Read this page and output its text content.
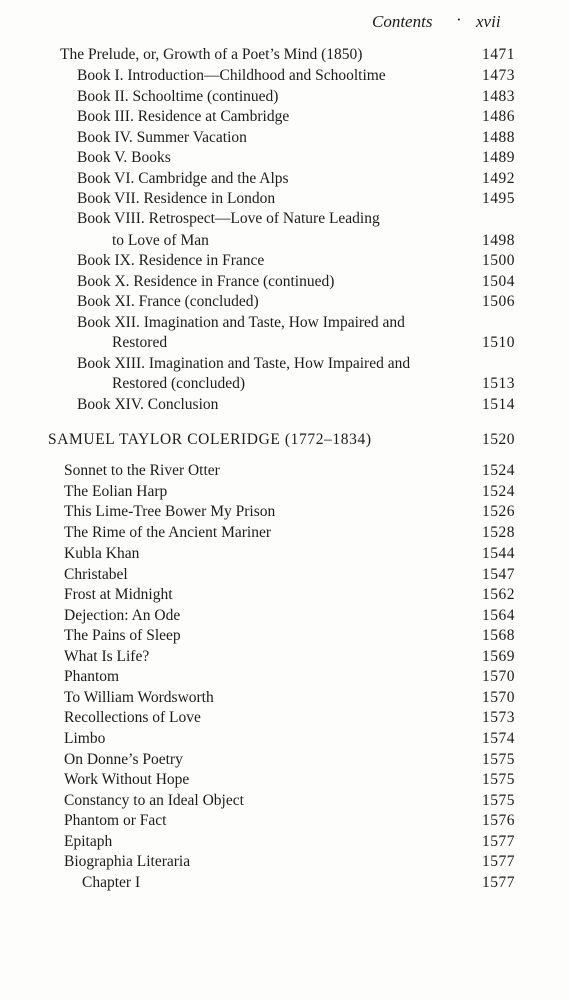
Contents · xvii
The Prelude, or, Growth of a Poet’s Mind (1850)	1471
Book I. Introduction—Childhood and Schooltime	1473
Book II. Schooltime (continued)	1483
Book III. Residence at Cambridge	1486
Book IV. Summer Vacation	1488
Book V. Books	1489
Book VI. Cambridge and the Alps	1492
Book VII. Residence in London	1495
Book VIII. Retrospect—Love of Nature Leading
to Love of Man	1498
Book IX. Residence in France	1500
Book X. Residence in France (continued)	1504
Book XI. France (concluded)	1506
Book XII. Imagination and Taste, How Impaired and
Restored	1510
Book XIII. Imagination and Taste, How Impaired and
Restored (concluded)	1513
Book XIV. Conclusion	1514
SAMUEL TAYLOR COLERIDGE (1772–1834)	1520
Sonnet to the River Otter	1524
The Eolian Harp	1524
This Lime-Tree Bower My Prison	1526
The Rime of the Ancient Mariner	1528
Kubla Khan	1544
Christabel	1547
Frost at Midnight	1562
Dejection: An Ode	1564
The Pains of Sleep	1568
What Is Life?	1569
Phantom	1570
To William Wordsworth	1570
Recollections of Love	1573
Limbo	1574
On Donne’s Poetry	1575
Work Without Hope	1575
Constancy to an Ideal Object	1575
Phantom or Fact	1576
Epitaph	1577
Biographia Literaria	1577
Chapter I	1577
